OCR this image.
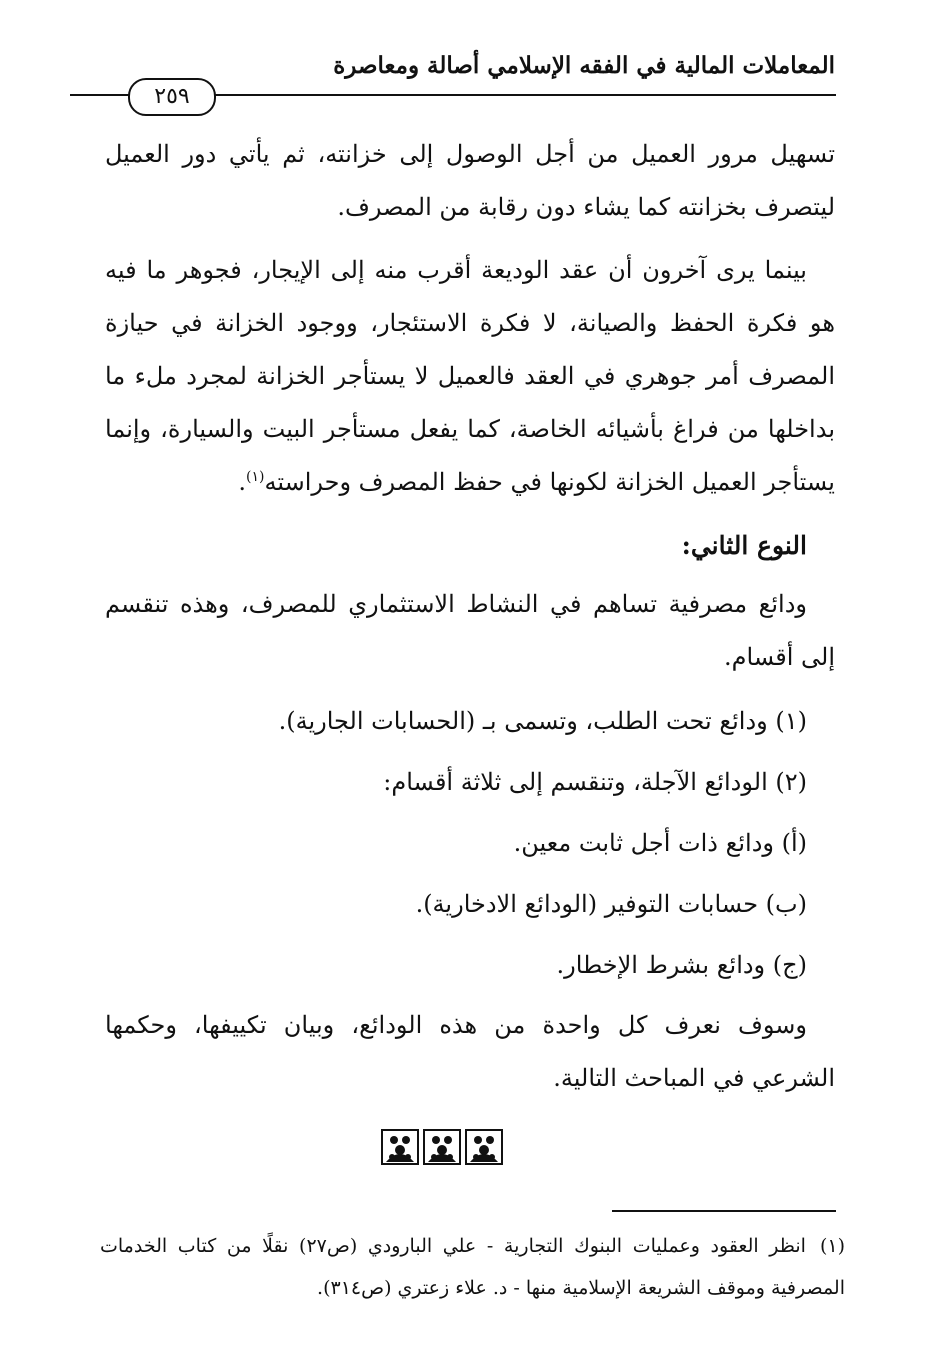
المعاملات المالية في الفقه الإسلامي أصالة ومعاصرة
٢٥٩

تسهيل مرور العميل من أجل الوصول إلى خزانته، ثم يأتي دور العميل ليتصرف بخزانته كما يشاء دون رقابة من المصرف.

بينما يرى آخرون أن عقد الوديعة أقرب منه إلى الإيجار، فجوهر ما فيه هو فكرة الحفظ والصيانة، لا فكرة الاستئجار، ووجود الخزانة في حيازة المصرف أمر جوهري في العقد فالعميل لا يستأجر الخزانة لمجرد ملء ما بداخلها من فراغ بأشيائه الخاصة، كما يفعل مستأجر البيت والسيارة، وإنما يستأجر العميل الخزانة لكونها في حفظ المصرف وحراسته$^{(١)}$.

النوع الثاني:

ودائع مصرفية تساهم في النشاط الاستثماري للمصرف، وهذه تنقسم إلى أقسام.

(١) ودائع تحت الطلب، وتسمى بـ (الحسابات الجارية).
(٢) الودائع الآجلة، وتنقسم إلى ثلاثة أقسام:
(أ) ودائع ذات أجل ثابت معين.
(ب) حسابات التوفير (الودائع الادخارية).
(ج) ودائع بشرط الإخطار.

وسوف نعرف كل واحدة من هذه الودائع، وبيان تكييفها، وحكمها الشرعي في المباحث التالية.

(١)انظر العقود وعمليات البنوك التجارية - علي البارودي (ص٢٧) نقلًا من كتاب الخدمات المصرفية وموقف الشريعة الإسلامية منها - د. علاء زعتري (ص٣١٤).
